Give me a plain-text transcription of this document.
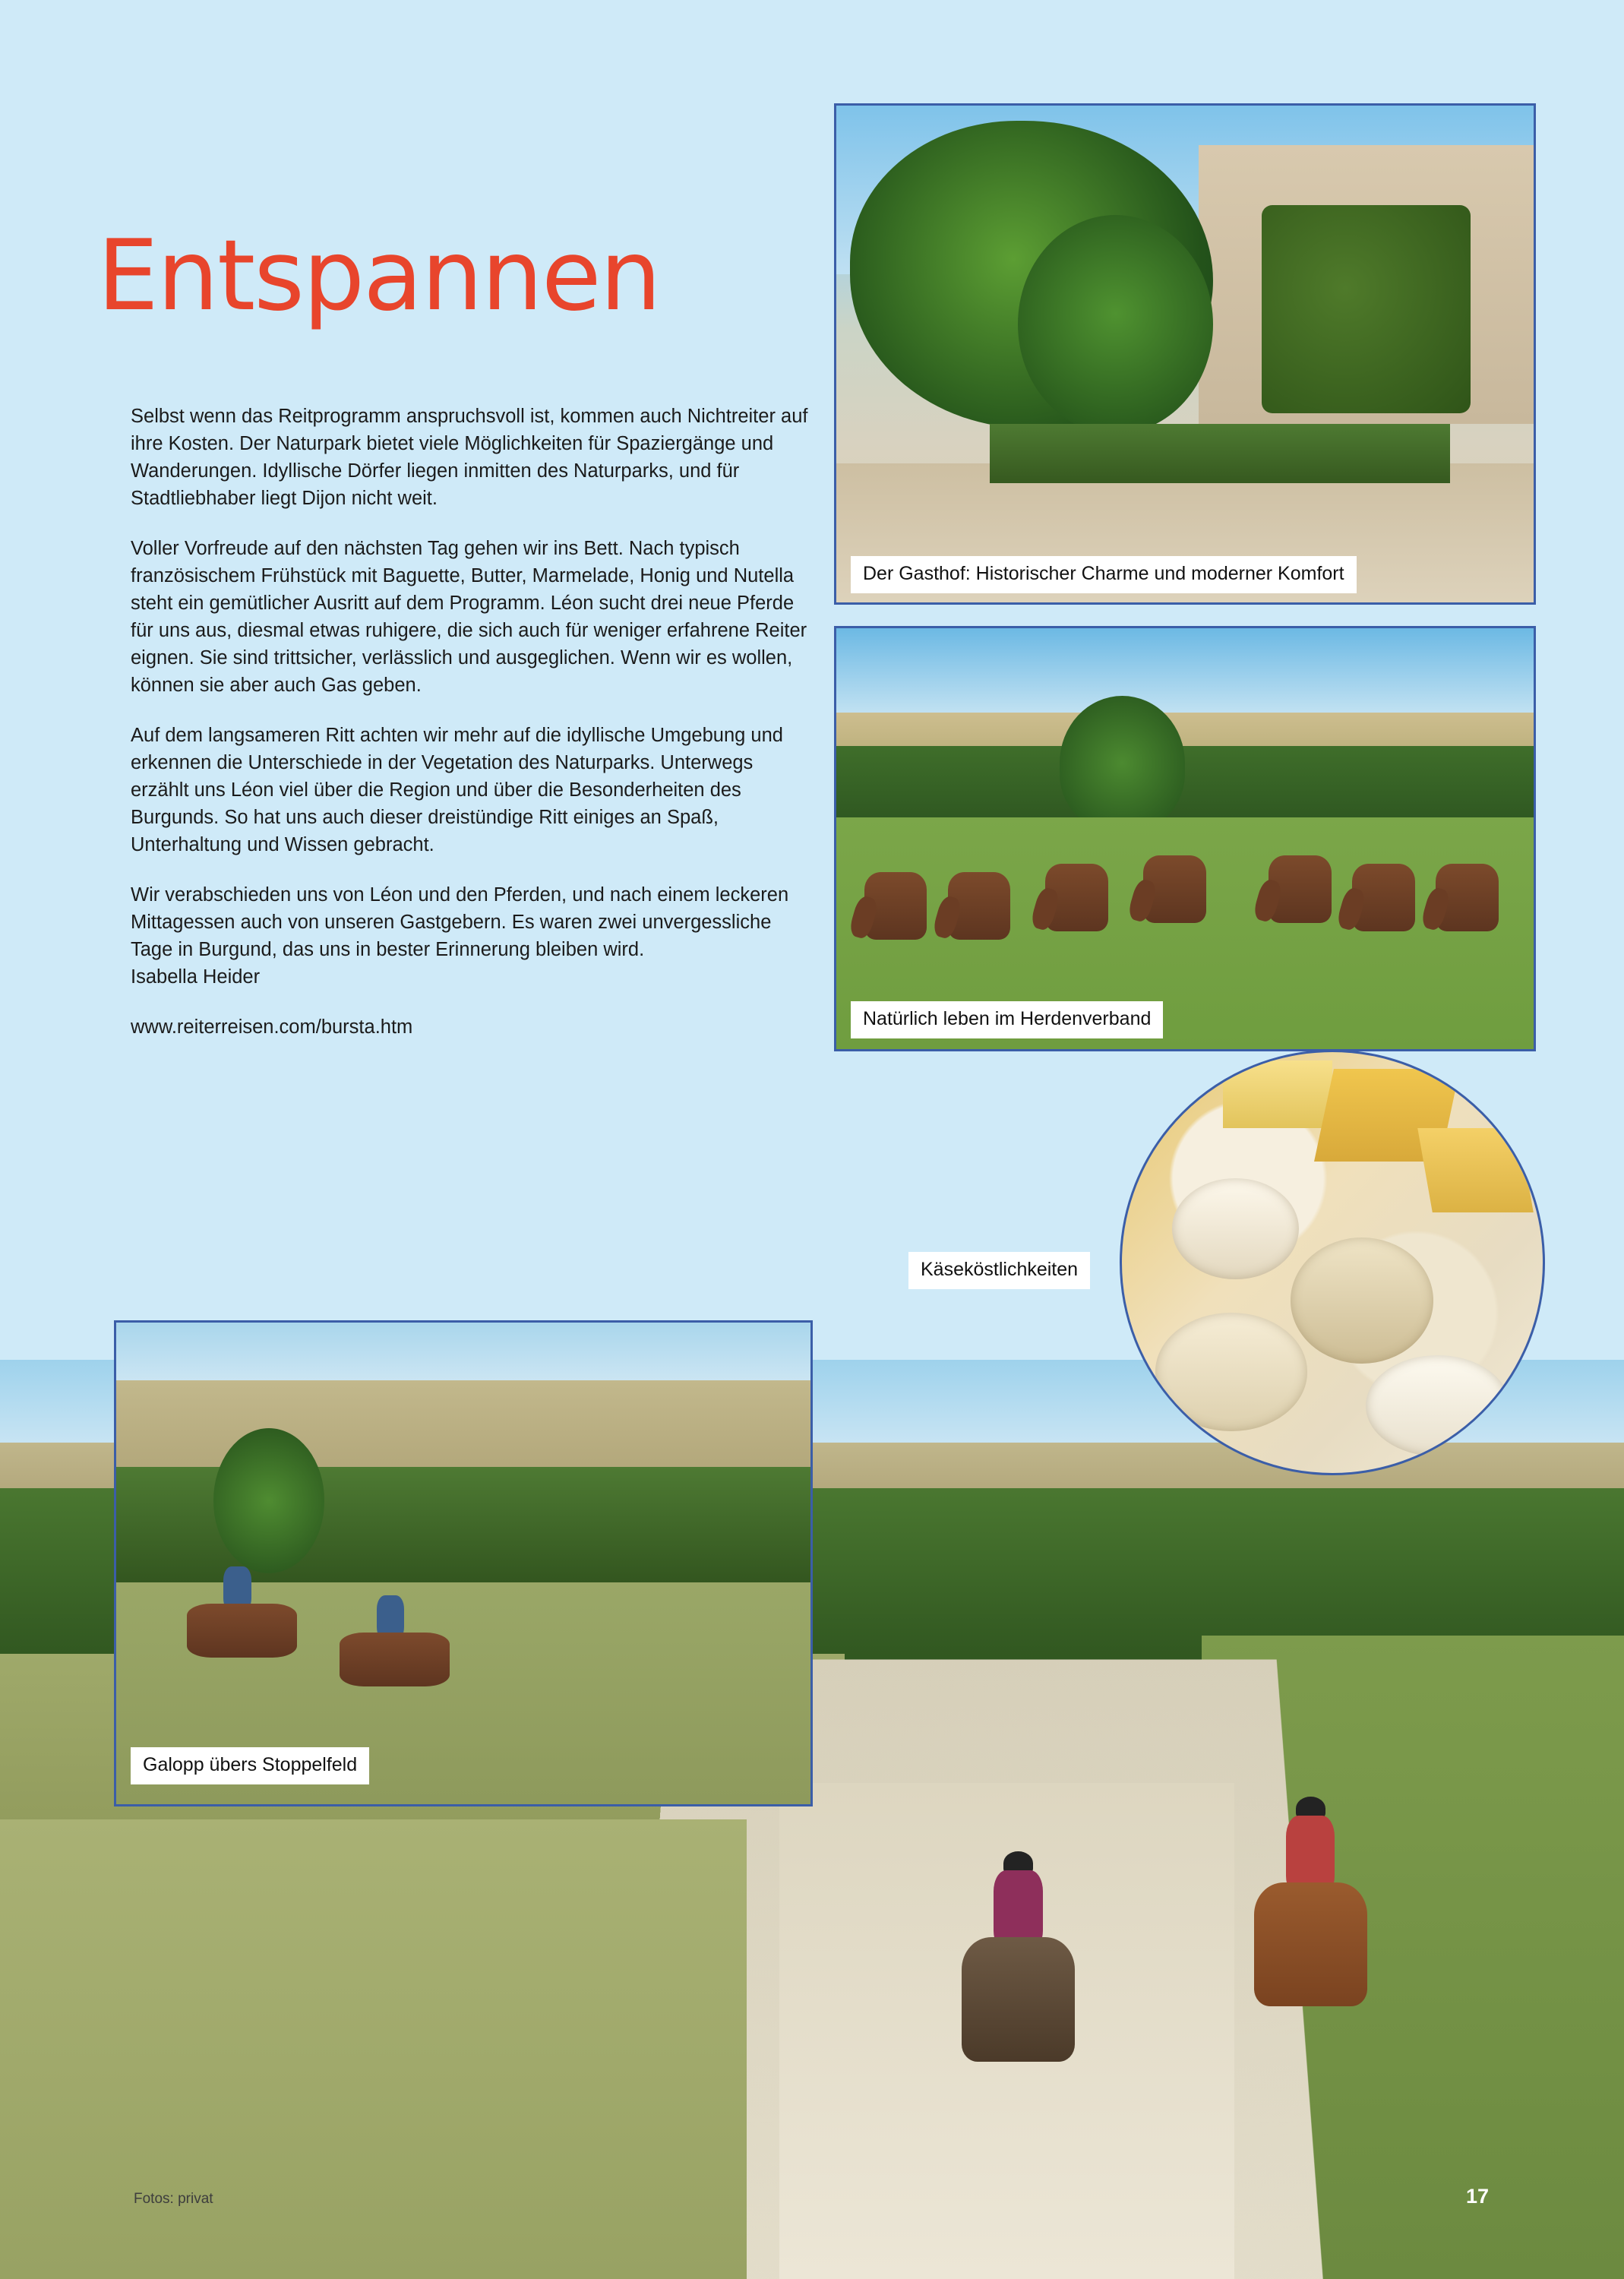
Entspannen

Selbst wenn das Reitprogramm anspruchsvoll ist, kommen auch Nichtreiter auf ihre Kosten. Der Naturpark bietet viele Möglichkeiten für Spaziergänge und Wanderungen. Idyllische Dörfer liegen inmitten des Naturparks, und für Stadtliebhaber liegt Dijon nicht weit.

Voller Vorfreude auf den nächsten Tag gehen wir ins Bett. Nach typisch französischem Frühstück mit Baguette, Butter, Marmelade, Honig und Nutella steht ein gemütlicher Ausritt auf dem Programm. Léon sucht drei neue Pferde für uns aus, diesmal etwas ruhigere, die sich auch für weniger erfahrene Reiter eignen. Sie sind trittsicher, verlässlich und ausgeglichen. Wenn wir es wollen, können sie aber auch Gas geben.

Auf dem langsameren Ritt achten wir mehr auf die idyllische Umgebung und erkennen die Unterschiede in der Vegetation des Naturparks. Unterwegs erzählt uns Léon viel über die Region und über die Besonderheiten des Burgunds. So hat uns auch dieser dreistündige Ritt einiges an Spaß, Unterhaltung und Wissen gebracht.

Wir verabschieden uns von Léon und den Pferden, und nach einem leckeren Mittagessen auch von unseren Gastgebern. Es waren zwei unvergessliche Tage in Burgund, das uns in bester Erinnerung bleiben wird.

Isabella Heider

www.reiterreisen.com/bursta.htm

Der Gasthof: Historischer Charme und moderner Komfort
Natürlich leben im Herdenverband
Käseköstlichkeiten
Galopp übers Stoppelfeld
Fotos: privat	17
